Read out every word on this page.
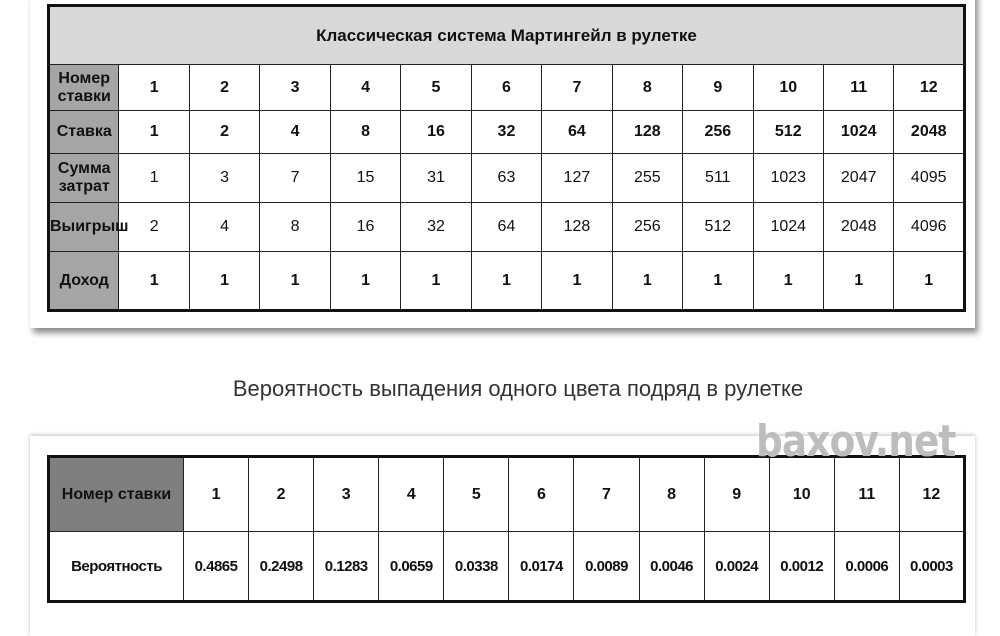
Классическая система Мартингейл в рулетке												
Номер ставки	1	2	3	4	5	6	7	8	9	10	11	12
Ставка	1	2	4	8	16	32	64	128	256	512	1024	2048
Сумма затрат	1	3	7	15	31	63	127	255	511	1023	2047	4095
Выигрыш	2	4	8	16	32	64	128	256	512	1024	2048	4096
Доход	1	1	1	1	1	1	1	1	1	1	1	1
Вероятность выпадения одного цвета подряд в рулетке
Номер ставки	1	2	3	4	5	6	7	8	9	10	11	12
Вероятность	0.4865	0.2498	0.1283	0.0659	0.0338	0.0174	0.0089	0.0046	0.0024	0.0012	0.0006	0.0003
baxov.net
